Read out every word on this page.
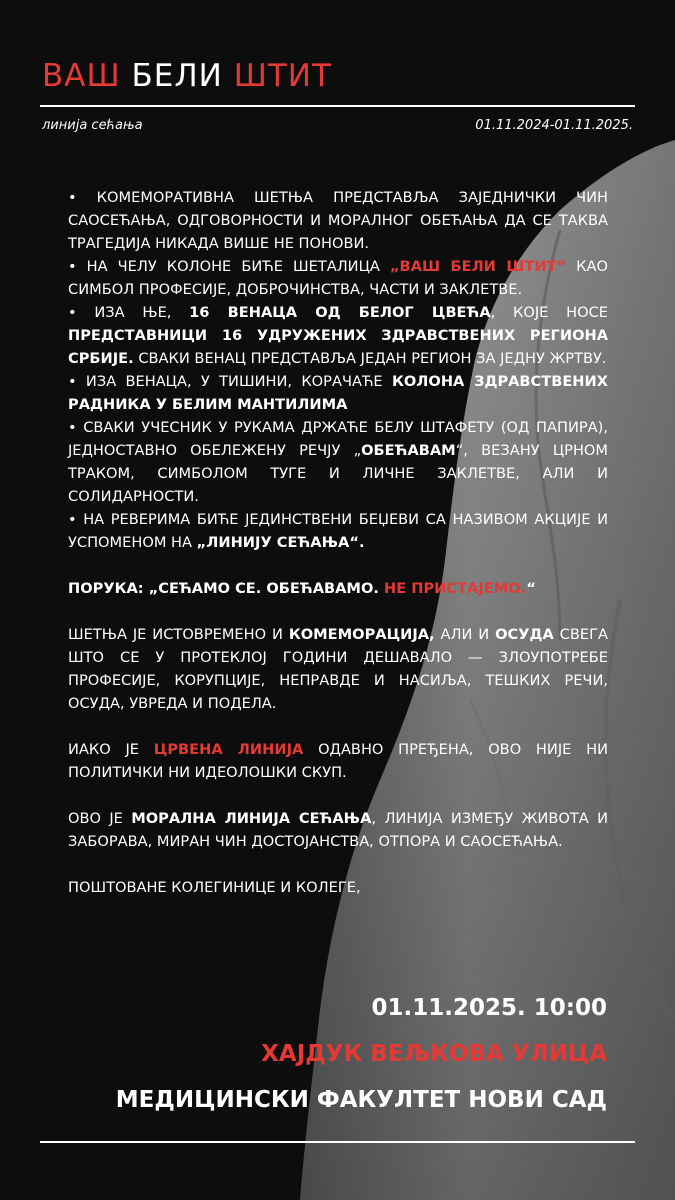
ВАШ БЕЛИ ШТИТ
линија сећања	01.11.2024-01.11.2025.

• КОМЕМОРАТИВНА ШЕТЊА ПРЕДСТАВЉА ЗАЈЕДНИЧКИ ЧИН САОСЕЋАЊА, ОДГОВОРНОСТИ И МОРАЛНОГ ОБЕЋАЊА ДА СЕ ТАКВА ТРАГЕДИЈА НИКАДА ВИШЕ НЕ ПОНОВИ.

• НА ЧЕЛУ КОЛОНЕ БИЋЕ ШЕТАЛИЦА „ВАШ БЕЛИ ШТИТ“ КАО СИМБОЛ ПРОФЕСИЈЕ, ДОБРОЧИНСТВА, ЧАСТИ И ЗАКЛЕТВЕ.

• ИЗА ЊЕ, 16 ВЕНАЦА ОД БЕЛОГ ЦВЕЋА, КОЈЕ НОСЕ ПРЕДСТАВНИЦИ 16 УДРУЖЕНИХ ЗДРАВСТВЕНИХ РЕГИОНА СРБИЈЕ. СВАКИ ВЕНАЦ ПРЕДСТАВЉА ЈЕДАН РЕГИОН ЗА ЈЕДНУ ЖРТВУ.

• ИЗА ВЕНАЦА, У ТИШИНИ, КОРАЧАЋЕ КОЛОНА ЗДРАВСТВЕНИХ РАДНИКА У БЕЛИМ МАНТИЛИМА

• СВАКИ УЧЕСНИК У РУКАМА ДРЖАЋЕ БЕЛУ ШТАФЕТУ (ОД ПАПИРА), ЈЕДНОСТАВНО ОБЕЛЕЖЕНУ РЕЧЈУ „ОБЕЋАВАМ“, ВЕЗАНУ ЦРНОМ ТРАКОМ, СИМБОЛОМ ТУГЕ И ЛИЧНЕ ЗАКЛЕТВЕ, АЛИ И СОЛИДАРНОСТИ.

• НА РЕВЕРИМА БИЋЕ ЈЕДИНСТВЕНИ БЕЏЕВИ СА НАЗИВОМ АКЦИЈЕ И УСПОМЕНОМ НА „ЛИНИЈУ СЕЋАЊА“.

ПОРУКА: „СЕЋАМО СЕ. ОБЕЋАВАМО. НЕ ПРИСТАЈЕМО.“

ШЕТЊА ЈЕ ИСТОВРЕМЕНО И КОМЕМОРАЦИЈА, АЛИ И ОСУДА СВЕГА ШТО СЕ У ПРОТЕКЛОЈ ГОДИНИ ДЕШАВАЛО — ЗЛОУПОТРЕБЕ ПРОФЕСИЈЕ, КОРУПЦИЈЕ, НЕПРАВДЕ И НАСИЉА, ТЕШКИХ РЕЧИ, ОСУДА, УВРЕДА И ПОДЕЛА.

ИАКО ЈЕ ЦРВЕНА ЛИНИЈА ОДАВНО ПРЕЂЕНА, ОВО НИЈЕ НИ ПОЛИТИЧКИ НИ ИДЕОЛОШКИ СКУП.

ОВО ЈЕ МОРАЛНА ЛИНИЈА СЕЋАЊА, ЛИНИЈА ИЗМЕЂУ ЖИВОТА И ЗАБОРАВА, МИРАН ЧИН ДОСТОЈАНСТВА, ОТПОРА И САОСЕЋАЊА.

ПОШТОВАНЕ КОЛЕГИНИЦЕ И КОЛЕГЕ,

01.11.2025. 10:00
ХАЈДУК ВЕЉКОВА УЛИЦА
МЕДИЦИНСКИ ФАКУЛТЕТ НОВИ САД
